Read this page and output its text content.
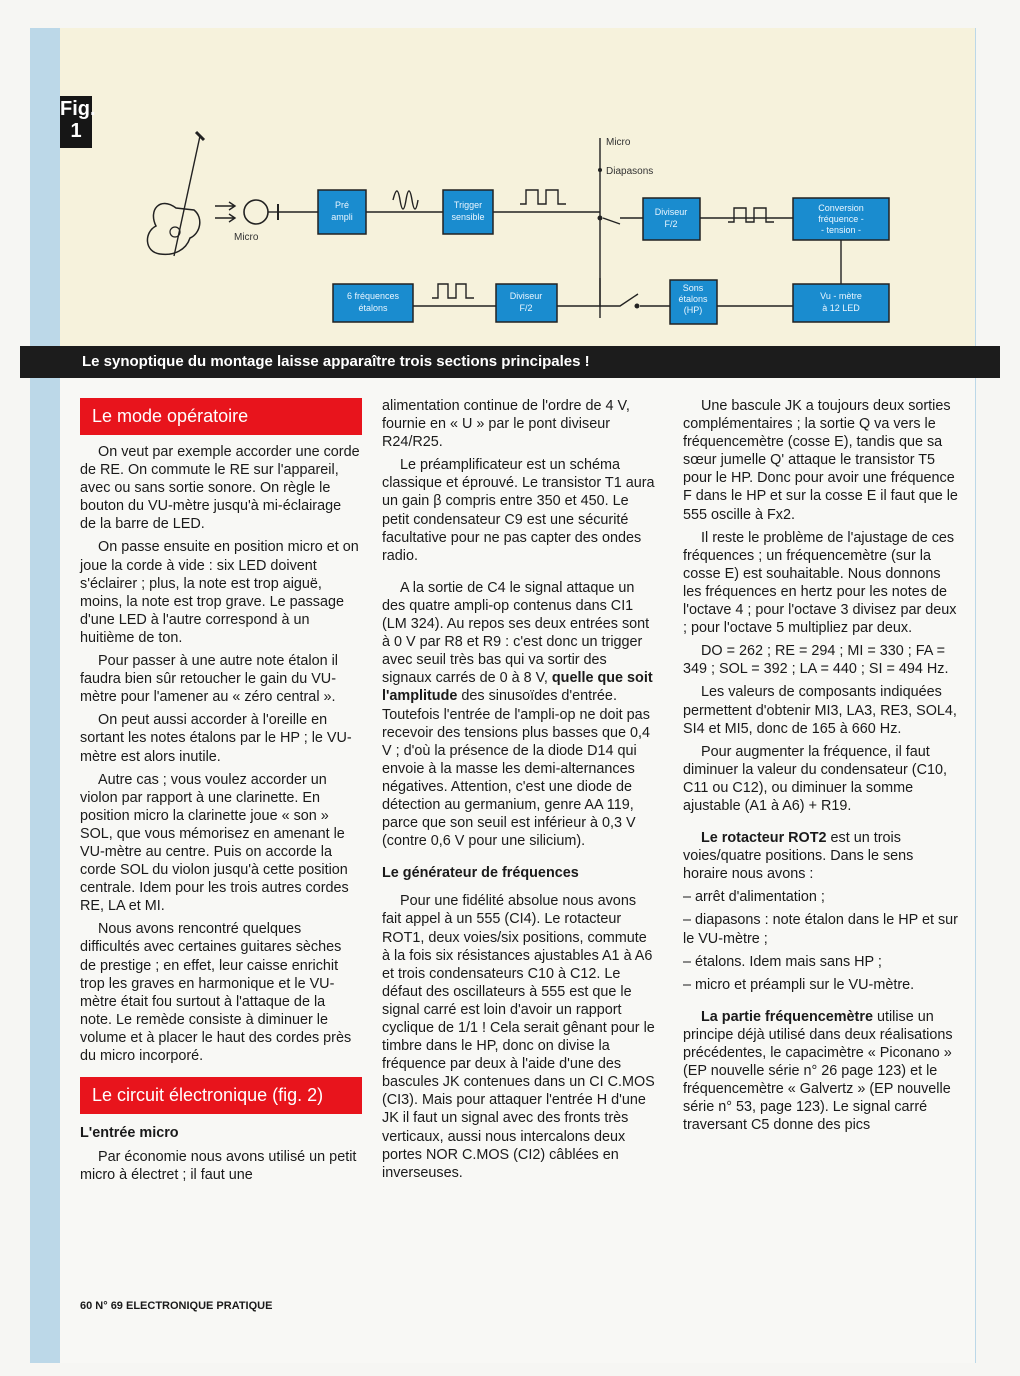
Micro
Micro
Diapasons
Pré
ampli
Trigger
sensible	Diviseur
F/2
Conversion
fréquence -
- tension -
6 fréquences
étalons
Diviseur
F/2
Sons
étalons
(HP)
Vu - mètre
à 12 LED
Fig.
1
Le synoptique du montage laisse apparaître trois sections principales !
Le mode opératoire

On veut par exemple accorder une corde de RE. On commute le RE sur l'appareil, avec ou sans sortie sonore. On règle le bouton du VU-mètre jusqu'à mi-éclairage de la barre de LED.

On passe ensuite en position micro et on joue la corde à vide : six LED doivent s'éclairer ; plus, la note est trop aiguë, moins, la note est trop grave. Le passage d'une LED à l'autre correspond à un huitième de ton.

Pour passer à une autre note étalon il faudra bien sûr retoucher le gain du VU-mètre pour l'amener au « zéro central ».

On peut aussi accorder à l'oreille en sortant les notes étalons par le HP ; le VU-mètre est alors inutile.

Autre cas ; vous voulez accorder un violon par rapport à une clarinette. En position micro la clarinette joue « son » SOL, que vous mémorisez en amenant le VU-mètre au centre. Puis on accorde la corde SOL du violon jusqu'à cette position centrale. Idem pour les trois autres cordes RE, LA et MI.

Nous avons rencontré quelques difficultés avec certaines guitares sèches de prestige ; en effet, leur caisse enrichit trop les graves en harmonique et le VU-mètre était fou surtout à l'attaque de la note. Le remède consiste à diminuer le volume et à placer le haut des cordes près du micro incorporé.

Le circuit électronique (fig. 2)
L'entrée micro

Par économie nous avons utilisé un petit micro à électret ; il faut une

alimentation continue de l'ordre de 4 V, fournie en « U » par le pont diviseur R24/R25.

Le préamplificateur est un schéma classique et éprouvé. Le transistor T1 aura un gain β compris entre 350 et 450. Le petit condensateur C9 est une sécurité facultative pour ne pas capter des ondes radio.

A la sortie de C4 le signal attaque un des quatre ampli-op contenus dans CI1 (LM 324). Au repos ses deux entrées sont à 0 V par R8 et R9 : c'est donc un trigger avec seuil très bas qui va sortir des signaux carrés de 0 à 8 V, quelle que soit l'amplitude des sinusoïdes d'entrée. Toutefois l'entrée de l'ampli-op ne doit pas recevoir des tensions plus basses que 0,4 V ; d'où la présence de la diode D14 qui envoie à la masse les demi-alternances négatives. Attention, c'est une diode de détection au germanium, genre AA 119, parce que son seuil est inférieur à 0,3 V (contre 0,6 V pour une silicium).

Le générateur de fréquences

Pour une fidélité absolue nous avons fait appel à un 555 (CI4). Le rotacteur ROT1, deux voies/six positions, commute à la fois six résistances ajustables A1 à A6 et trois condensateurs C10 à C12. Le défaut des oscillateurs à 555 est que le signal carré est loin d'avoir un rapport cyclique de 1/1 ! Cela serait gênant pour le timbre dans le HP, donc on divise la fréquence par deux à l'aide d'une des bascules JK contenues dans un CI C.MOS (CI3). Mais pour attaquer l'entrée H d'une JK il faut un signal avec des fronts très verticaux, aussi nous intercalons deux portes NOR C.MOS (CI2) câblées en inverseuses.

Une bascule JK a toujours deux sorties complémentaires ; la sortie Q va vers le fréquencemètre (cosse E), tandis que sa sœur jumelle Q' attaque le transistor T5 pour le HP. Donc pour avoir une fréquence F dans le HP et sur la cosse E il faut que le 555 oscille à Fx2.

Il reste le problème de l'ajustage de ces fréquences ; un fréquencemètre (sur la cosse E) est souhaitable. Nous donnons les fréquences en hertz pour les notes de l'octave 4 ; pour l'octave 3 divisez par deux ; pour l'octave 5 multipliez par deux.

DO = 262 ; RE = 294 ; MI = 330 ; FA = 349 ; SOL = 392 ; LA = 440 ; SI = 494 Hz.

Les valeurs de composants indiquées permettent d'obtenir MI3, LA3, RE3, SOL4, SI4 et MI5, donc de 165 à 660 Hz.

Pour augmenter la fréquence, il faut diminuer la valeur du condensateur (C10, C11 ou C12), ou diminuer la somme ajustable (A1 à A6) + R19.

Le rotacteur ROT2 est un trois voies/quatre positions. Dans le sens horaire nous avons :

– arrêt d'alimentation ;
– diapasons : note étalon dans le HP et sur le VU-mètre ;
– étalons. Idem mais sans HP ;
– micro et préampli sur le VU-mètre.

La partie fréquencemètre utilise un principe déjà utilisé dans deux réalisations précédentes, le capacimètre « Piconano » (EP nouvelle série n° 26 page 123) et le fréquencemètre « Galvertz » (EP nouvelle série n° 53, page 123). Le signal carré traversant C5 donne des pics

60 N° 69 ELECTRONIQUE PRATIQUE
